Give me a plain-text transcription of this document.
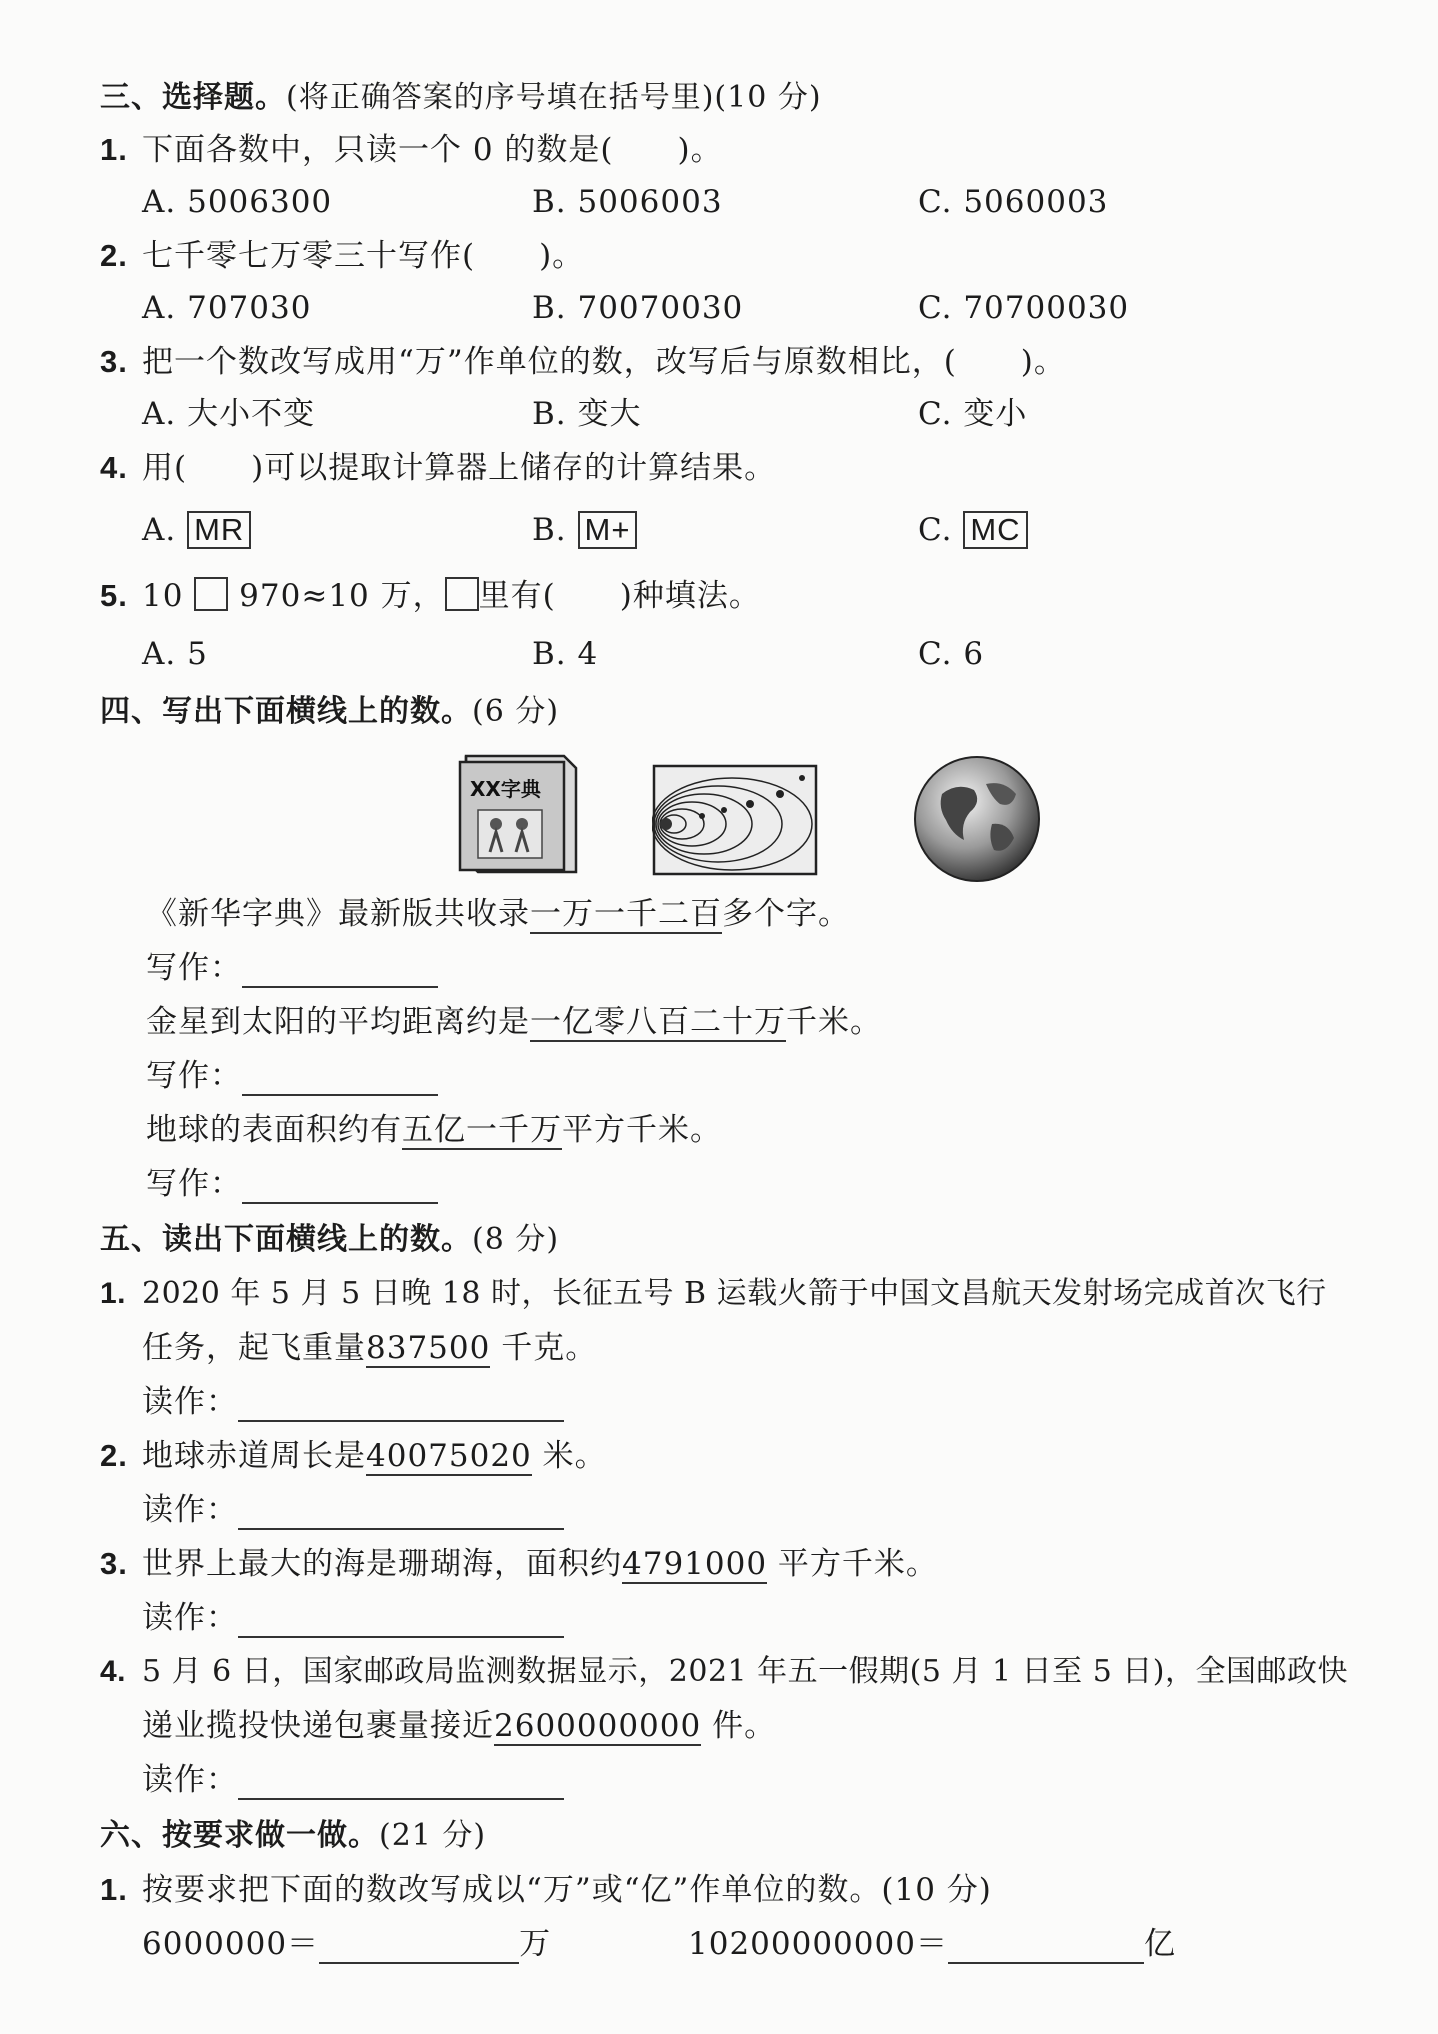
三、选择题。(将正确答案的序号填在括号里)(10 分)
1. 下面各数中，只读一个 0 的数是(　　)。
A. 5006300	B. 5006003	C. 5060003
2. 七千零七万零三十写作(　　)。
A. 707030	B. 70070030	C. 70700030
3. 把一个数改写成用“万”作单位的数，改写后与原数相比，(　　)。
A. 大小不变	B. 变大	C. 变小
4. 用(　　)可以提取计算器上储存的计算结果。
A. MR	B. M+	C. MC
5. 10 970≈10 万， 里有(　　)种填法。
A. 5	B. 4	C. 6
四、写出下面横线上的数。(6 分)
XX字典
《新华字典》最新版共收录一万一千二百多个字。
写作：
金星到太阳的平均距离约是一亿零八百二十万千米。
写作：
地球的表面积约有五亿一千万平方千米。
写作：
五、读出下面横线上的数。(8 分)
1. 2020 年 5 月 5 日晚 18 时，长征五号 B 运载火箭于中国文昌航天发射场完成首次飞行
任务，起飞重量837500 千克。
读作：
2. 地球赤道周长是40075020 米。
读作：
3. 世界上最大的海是珊瑚海，面积约4791000 平方千米。
读作：
4. 5 月 6 日，国家邮政局监测数据显示，2021 年五一假期(5 月 1 日至 5 日)，全国邮政快
递业揽投快递包裹量接近2600000000 件。
读作：
六、按要求做一做。(21 分)
1. 按要求把下面的数改写成以“万”或“亿”作单位的数。(10 分)
6000000＝	万	10200000000＝	亿
